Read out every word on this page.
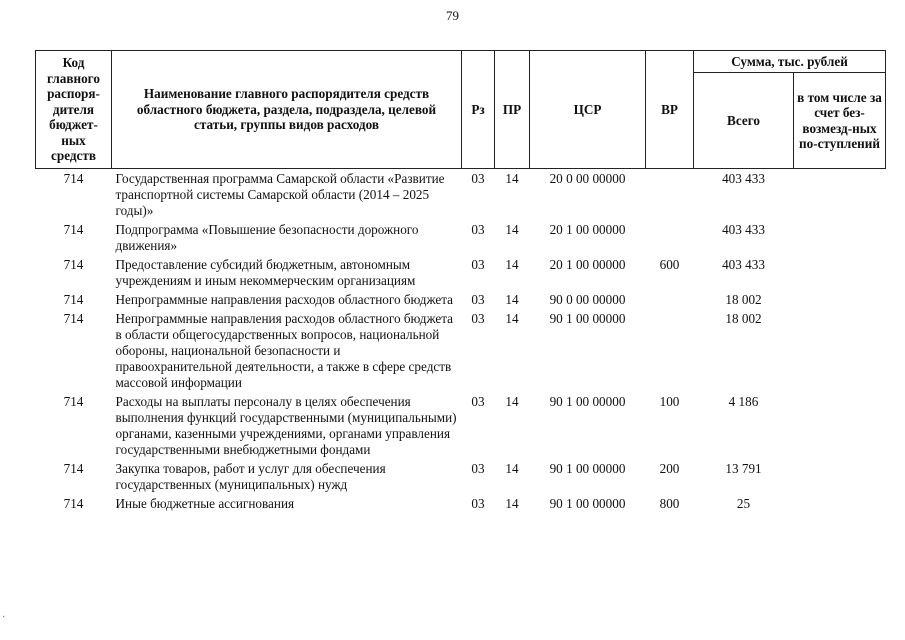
79
Код главного распоря-дителя бюджет-ных средств	Наименование главного распорядителя средств областного бюджета, раздела, подраздела, целевой статьи, группы видов расходов	Рз	ПР	ЦСР	ВР	Сумма, тыс. рублей	
						Всего	в том числе за счет без-возмезд-ных по-ступлений
714	Государственная программа Самарской области «Развитие транспортной системы Самарской области (2014 – 2025 годы)»	03	14	20 0 00 00000		403 433	
714	Подпрограмма «Повышение безопасности дорожного движения»	03	14	20 1 00 00000		403 433	
714	Предоставление субсидий бюджетным, автономным учреждениям и иным некоммерческим организациям	03	14	20 1 00 00000	600	403 433	
714	Непрограммные направления расходов областного бюджета	03	14	90 0 00 00000		18 002	
714	Непрограммные направления расходов областного бюджета в области общегосударственных вопросов, национальной обороны, национальной безопасности и правоохранительной деятельности, а также в сфере средств массовой информации	03	14	90 1 00 00000		18 002	
714	Расходы на выплаты персоналу в целях обеспечения выполнения функций государственными (муниципальными) органами, казенными учреждениями, органами управления государственными внебюджетными фондами	03	14	90 1 00 00000	100	4 186	
714	Закупка товаров, работ и услуг для обеспечения государственных (муниципальных) нужд	03	14	90 1 00 00000	200	13 791	
714	Иные бюджетные ассигнования	03	14	90 1 00 00000	800	25	
·
